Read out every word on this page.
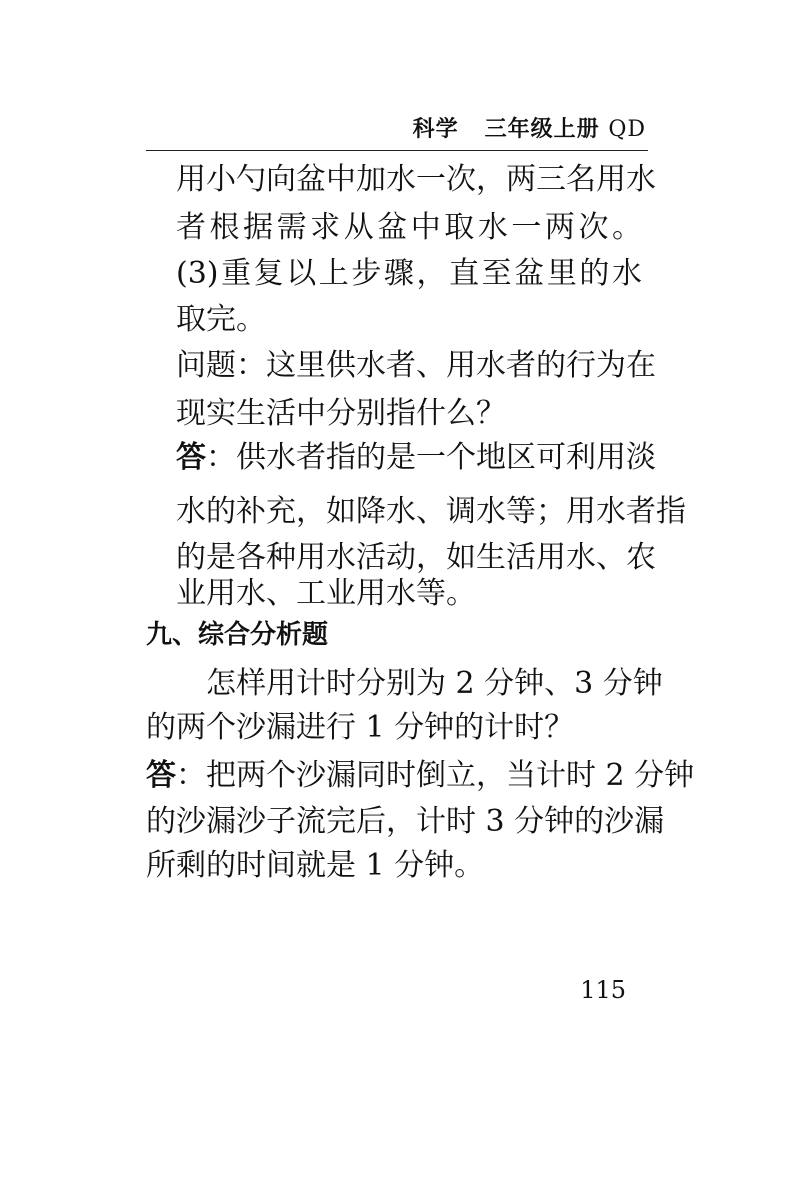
科学 三年级上册 QD
用小勺向盆中加水一次，两三名用水
者根据需求从盆中取水一两次。
(3)重复以上步骤，直至盆里的水
取完。
问题：这里供水者、用水者的行为在
现实生活中分别指什么？
答：供水者指的是一个地区可利用淡
水的补充，如降水、调水等；用水者指
的是各种用水活动，如生活用水、农
业用水、工业用水等。
九、综合分析题
怎样用计时分别为 2 分钟、3 分钟
的两个沙漏进行 1 分钟的计时？
答：把两个沙漏同时倒立，当计时 2 分钟
的沙漏沙子流完后，计时 3 分钟的沙漏
所剩的时间就是 1 分钟。
115
